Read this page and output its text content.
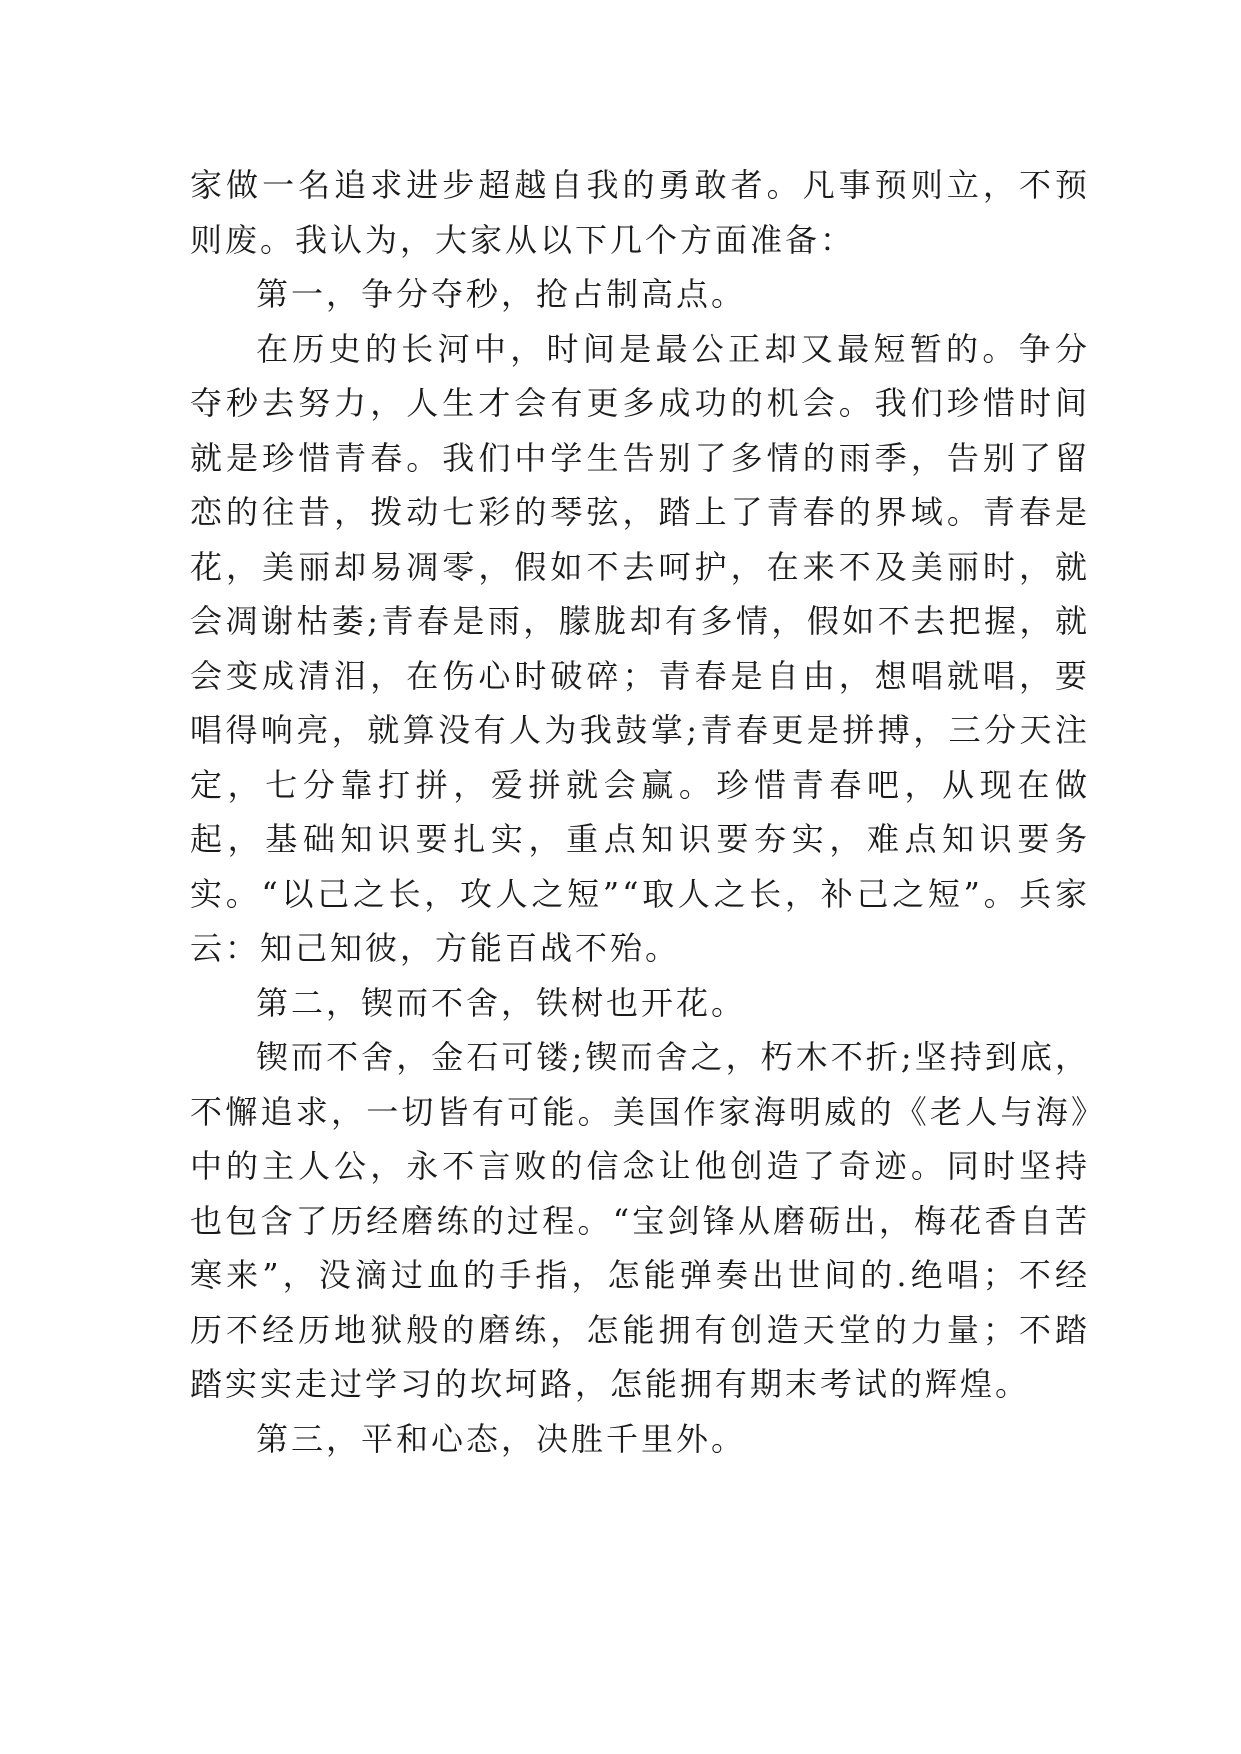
家做一名追求进步超越自我的勇敢者。凡事预则立，不预则废。我认为，大家从以下几个方面准备：

第一，争分夺秒，抢占制高点。

在历史的长河中，时间是最公正却又最短暂的。争分夺秒去努力，人生才会有更多成功的机会。我们珍惜时间就是珍惜青春。我们中学生告别了多情的雨季，告别了留恋的往昔，拨动七彩的琴弦，踏上了青春的界域。青春是花，美丽却易凋零，假如不去呵护，在来不及美丽时，就会凋谢枯萎;青春是雨，朦胧却有多情，假如不去把握，就会变成清泪，在伤心时破碎；青春是自由，想唱就唱，要唱得响亮，就算没有人为我鼓掌;青春更是拼搏，三分天注定，七分靠打拼，爱拼就会赢。珍惜青春吧，从现在做起，基础知识要扎实，重点知识要夯实，难点知识要务实。“以己之长，攻人之短”“取人之长，补己之短”。兵家云：知己知彼，方能百战不殆。

第二，锲而不舍，铁树也开花。

锲而不舍，金石可镂;锲而舍之，朽木不折;坚持到底，不懈追求，一切皆有可能。美国作家海明威的《老人与海》中的主人公，永不言败的信念让他创造了奇迹。同时坚持也包含了历经磨练的过程。“宝剑锋从磨砺出，梅花香自苦寒来”，没滴过血的手指，怎能弹奏出世间的.绝唱；不经历不经历地狱般的磨练，怎能拥有创造天堂的力量；不踏踏实实走过学习的坎坷路，怎能拥有期末考试的辉煌。

第三，平和心态，决胜千里外。
